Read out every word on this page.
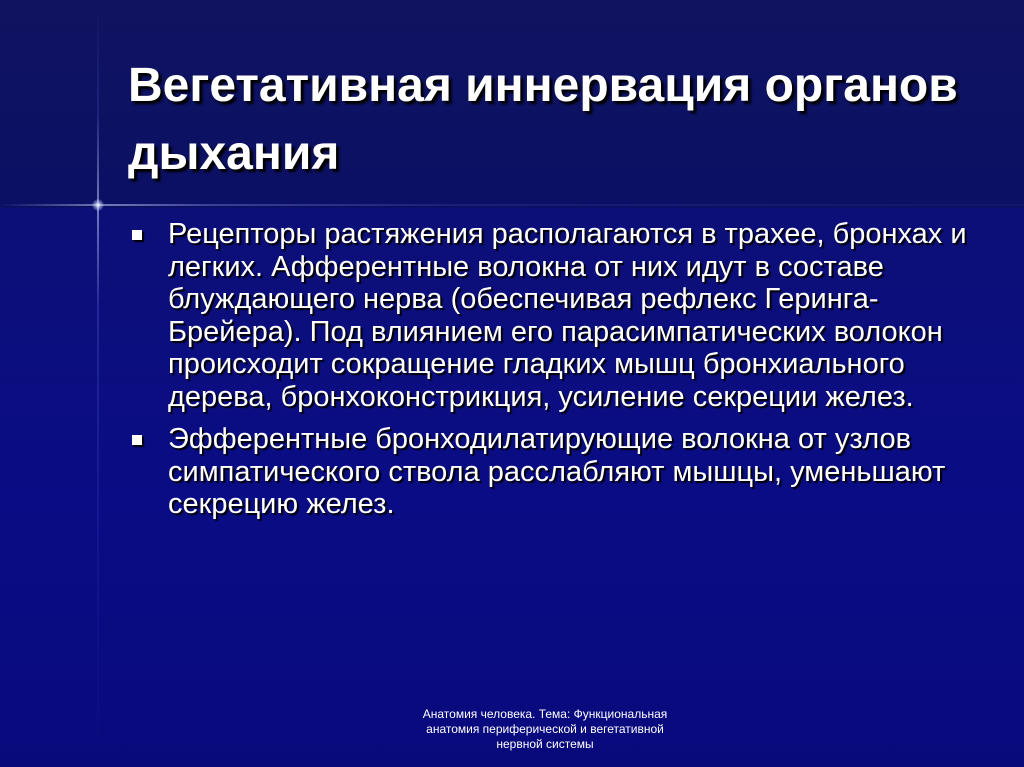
Вегетативная иннервация органов дыхания
Рецепторы растяжения располагаются в трахее, бронхах и легких. Афферентные волокна от них идут в составе блуждающего нерва (обеспечивая рефлекс Геринга-Брейера). Под влиянием его парасимпатических волокон происходит сокращение гладких мышц бронхиального дерева, бронхоконстрикция, усиление секреции желез.
Эфферентные бронходилатирующие волокна от узлов симпатического ствола расслабляют мышцы, уменьшают секрецию желез.
Анатомия человека. Тема: Функциональная
анатомия периферической и вегетативной
нервной системы
